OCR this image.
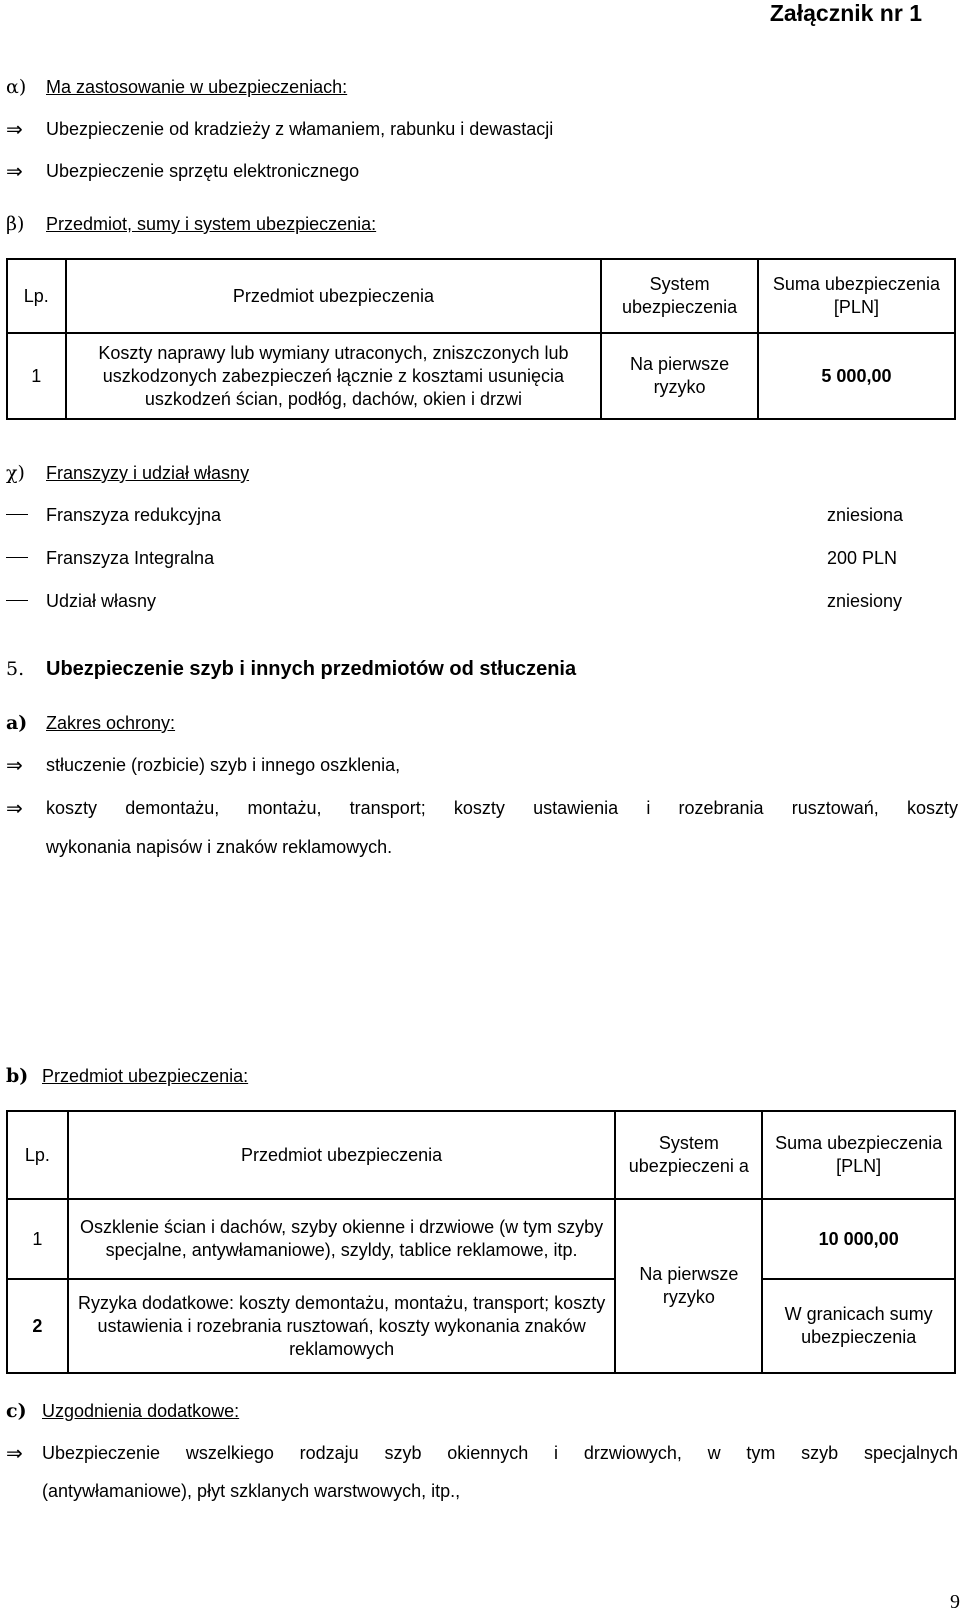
Załącznik nr 1
α) Ma zastosowanie w ubezpieczeniach:
⇒ Ubezpieczenie od kradzieży z włamaniem, rabunku i dewastacji
⇒ Ubezpieczenie sprzętu elektronicznego
β) Przedmiot, sumy i system ubezpieczenia:
Lp.	Przedmiot ubezpieczenia	System ubezpieczenia	Suma ubezpieczenia [PLN]
1	Koszty naprawy lub wymiany utraconych, zniszczonych lub uszkodzonych zabezpieczeń łącznie z kosztami usunięcia uszkodzeń ścian, podłóg, dachów, okien i drzwi	Na pierwsze ryzyko	5 000,00
χ) Franszyzy i udział własny
Franszyza redukcyjna	zniesiona
Franszyza Integralna	200 PLN
Udział własny	zniesiony
5. Ubezpieczenie szyb i innych przedmiotów od stłuczenia
a) Zakres ochrony:
⇒ stłuczenie (rozbicie) szyb i innego oszklenia,
⇒ koszty demontażu, montażu, transport; koszty ustawienia i rozebrania rusztowań, koszty
wykonania napisów i znaków reklamowych.
b) Przedmiot ubezpieczenia:
Lp.	Przedmiot ubezpieczenia	System ubezpieczeni a	Suma ubezpieczenia [PLN]
1	Oszklenie ścian i dachów, szyby okienne i drzwiowe (w tym szyby specjalne, antywłamaniowe), szyldy, tablice reklamowe, itp.	Na pierwsze ryzyko	10 000,00
2	Ryzyka dodatkowe: koszty demontażu, montażu, transport; koszty ustawienia i rozebrania rusztowań, koszty wykonania znaków reklamowych		W granicach sumy ubezpieczenia
c) Uzgodnienia dodatkowe:
⇒ Ubezpieczenie wszelkiego rodzaju szyb okiennych i drzwiowych, w tym szyb specjalnych
(antywłamaniowe), płyt szklanych warstwowych, itp.,
9
